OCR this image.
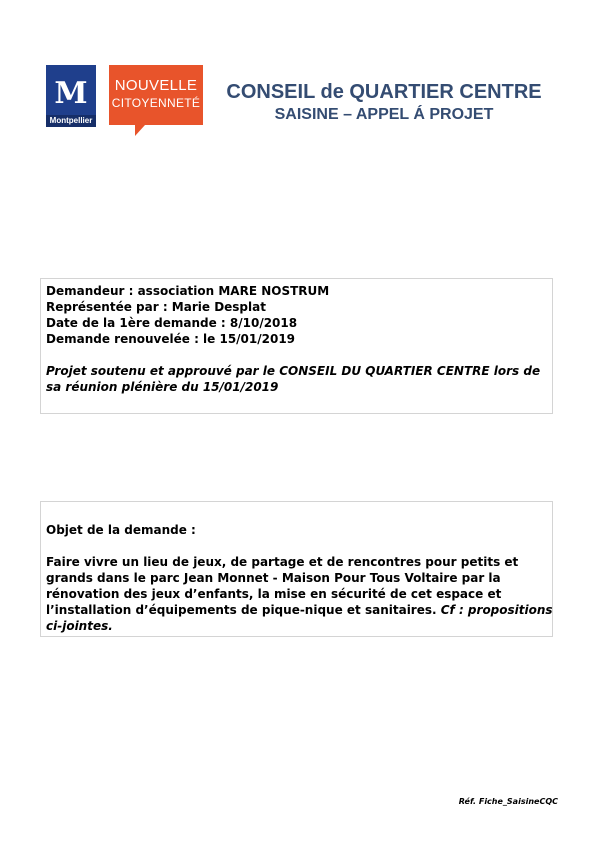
M
Montpellier
NOUVELLE
CITOYENNETÉ	CONSEIL de QUARTIER CENTRE
SAISINE – APPEL Á PROJET
Demandeur : association MARE NOSTRUM
Représentée par : Marie Desplat
Date de la 1ère demande : 8/10/2018
Demande renouvelée : le 15/01/2019
Projet soutenu et approuvé par le CONSEIL DU QUARTIER CENTRE lors de
sa réunion plénière du 15/01/2019
Objet de la demande :
Faire vivre un lieu de jeux, de partage et de rencontres pour petits et
grands dans le parc Jean Monnet - Maison Pour Tous Voltaire par la
rénovation des jeux d’enfants, la mise en sécurité de cet espace et
l’installation d’équipements de pique-nique et sanitaires. Cf : propositions
ci-jointes.
Réf. Fiche_SaisineCQC
